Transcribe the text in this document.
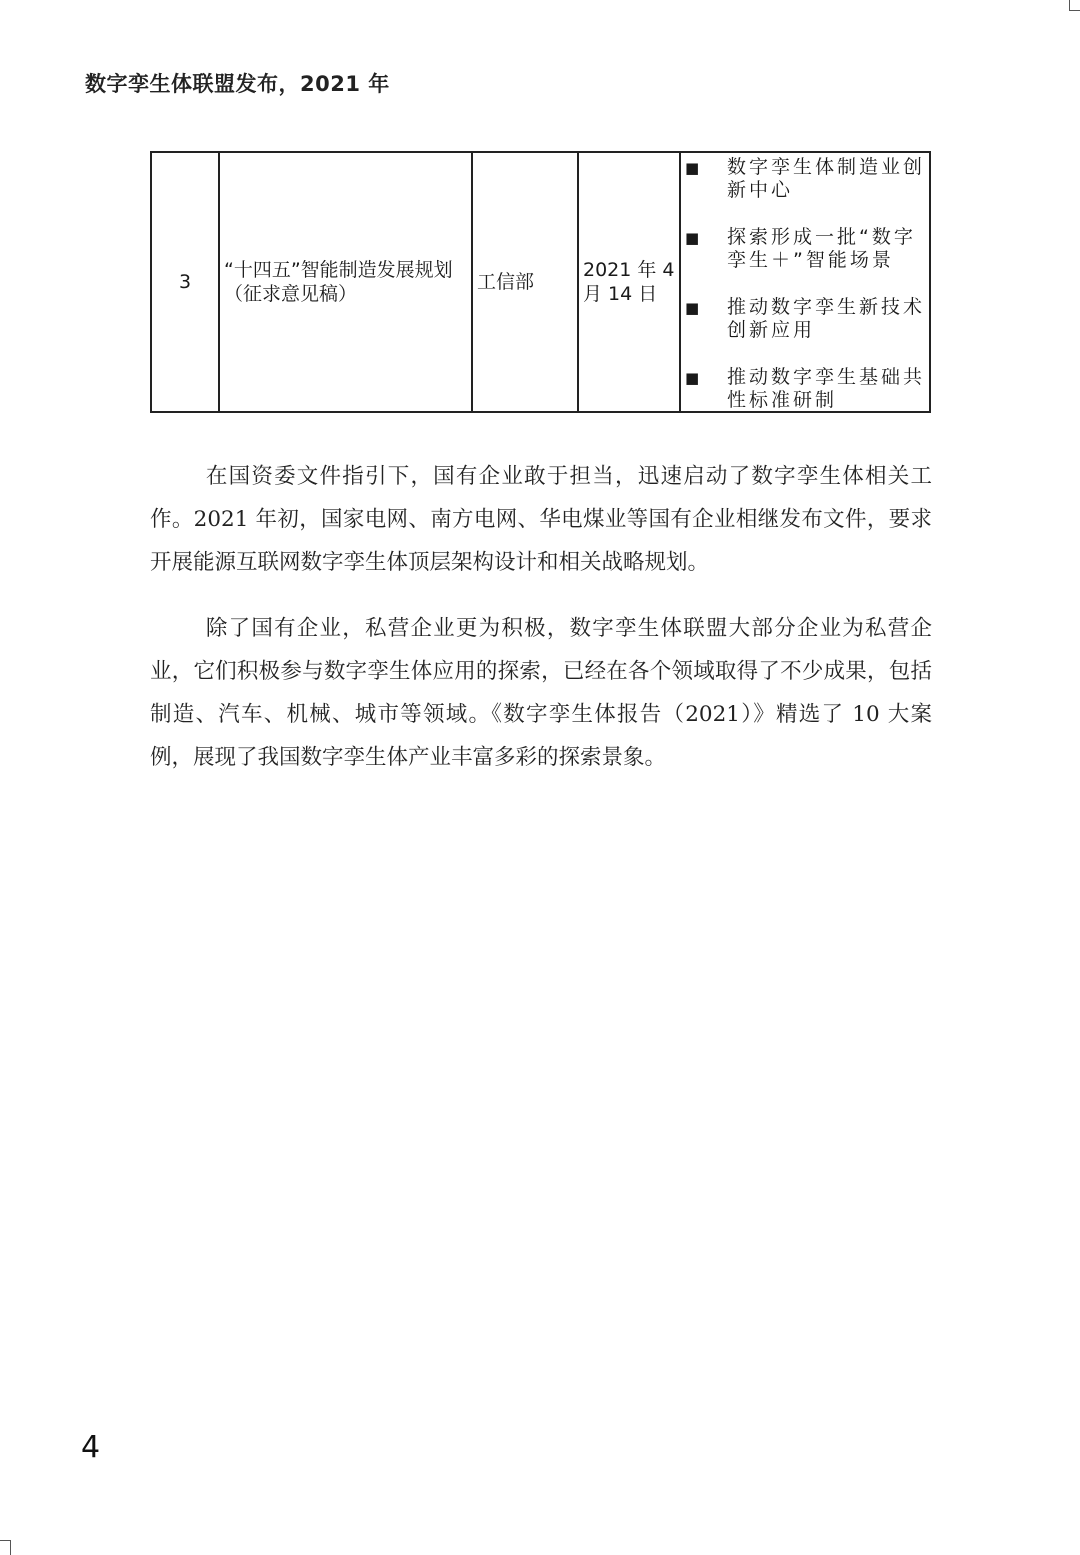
数字孪生体联盟发布，2021 年
3	“十四五”智能制造发展规划（征求意见稿）	工信部	2021 年 4 月 14 日	
■	数字孪生体制造业创新中心
■	探索形成一批“数字孪生＋”智能场景
■	推动数字孪生新技术创新应用
■	推动数字孪生基础共性标准研制

在国资委文件指引下，国有企业敢于担当，迅速启动了数字孪生体相关工作。2021 年初，国家电网、南方电网、华电煤业等国有企业相继发布文件，要求开展能源互联网数字孪生体顶层架构设计和相关战略规划。

除了国有企业，私营企业更为积极，数字孪生体联盟大部分企业为私营企业，它们积极参与数字孪生体应用的探索，已经在各个领域取得了不少成果，包括制造、汽车、机械、城市等领域。《数字孪生体报告（2021）》精选了 10 大案例，展现了我国数字孪生体产业丰富多彩的探索景象。

4
